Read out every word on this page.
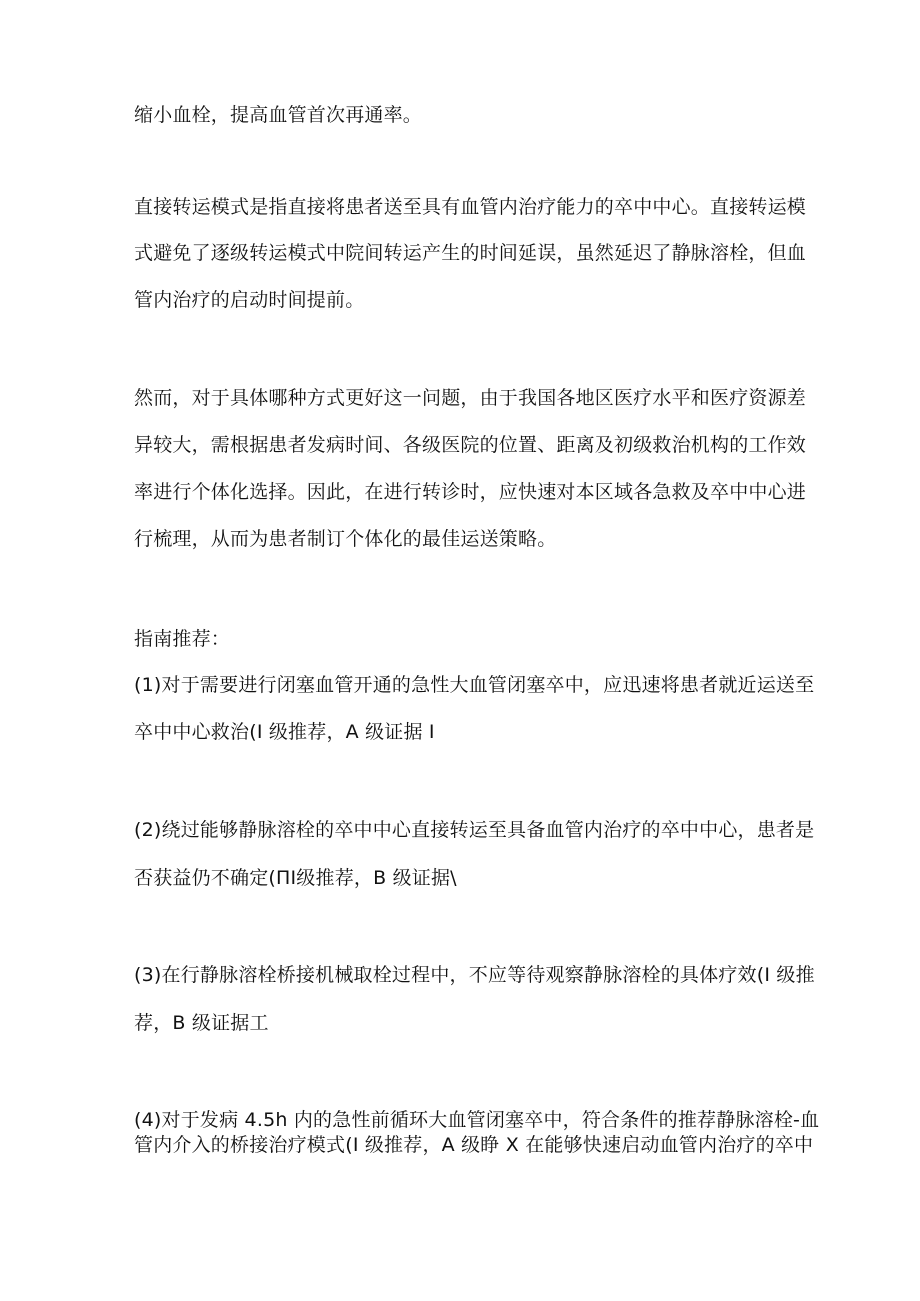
缩小血栓，提高血管首次再通率。
直接转运模式是指直接将患者送至具有血管内治疗能力的卒中中心。直接转运模
式避免了逐级转运模式中院间转运产生的时间延误，虽然延迟了静脉溶栓，但血
管内治疗的启动时间提前。
然而，对于具体哪种方式更好这一问题，由于我国各地区医疗水平和医疗资源差
异较大，需根据患者发病时间、各级医院的位置、距离及初级救治机构的工作效
率进行个体化选择。因此，在进行转诊时，应快速对本区域各急救及卒中中心进
行梳理，从而为患者制订个体化的最佳运送策略。
指南推荐：
(1)对于需要进行闭塞血管开通的急性大血管闭塞卒中，应迅速将患者就近运送至
卒中中心救治(I 级推荐，A 级证据 I
(2)绕过能够静脉溶栓的卒中中心直接转运至具备血管内治疗的卒中中心，患者是
否获益仍不确定(ΠI级推荐，B 级证据\
(3)在行静脉溶栓桥接机械取栓过程中，不应等待观察静脉溶栓的具体疗效(I 级推
荐，B 级证据工
(4)对于发病 4.5h 内的急性前循环大血管闭塞卒中，符合条件的推荐静脉溶栓-血
管内介入的桥接治疗模式(I 级推荐，A 级睁 X 在能够快速启动血管内治疗的卒中
